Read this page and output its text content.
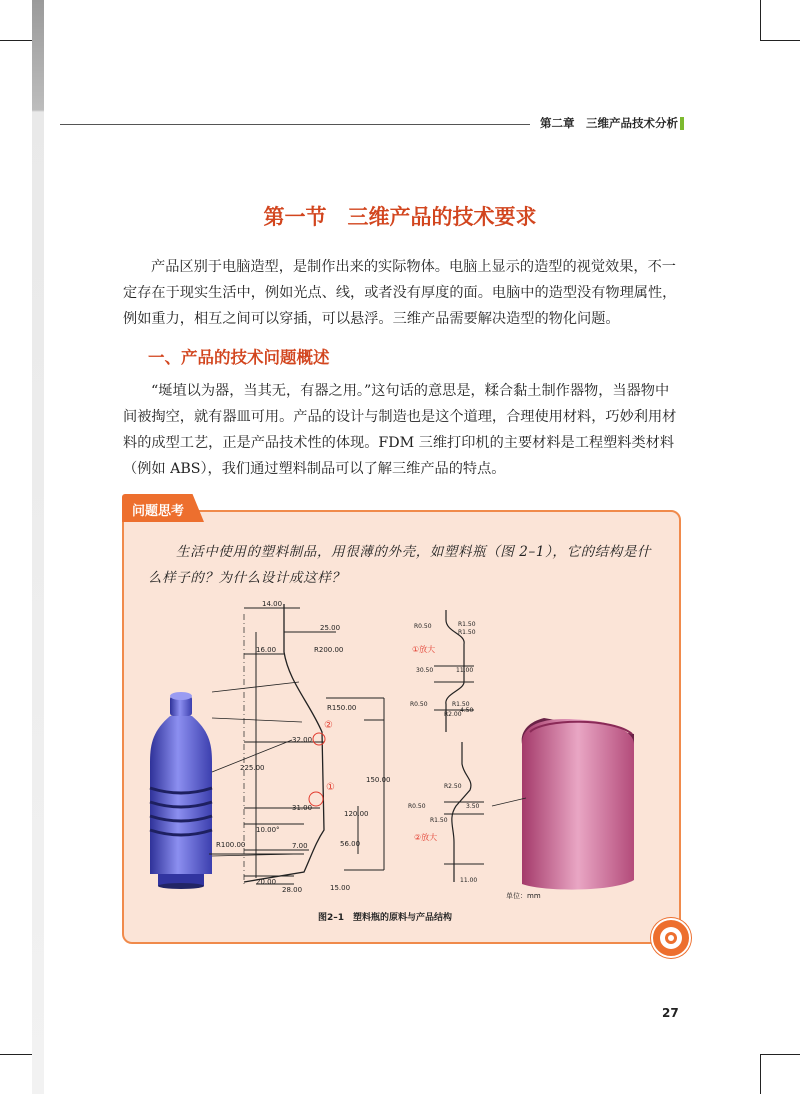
第二章　三维产品技术分析
第一节　三维产品的技术要求
产品区别于电脑造型，是制作出来的实际物体。电脑上显示的造型的视觉效果，不一
定存在于现实生活中，例如光点、线，或者没有厚度的面。电脑中的造型没有物理属性，
例如重力，相互之间可以穿插，可以悬浮。三维产品需要解决造型的物化问题。
一、产品的技术问题概述
“埏埴以为器，当其无，有器之用。”这句话的意思是，糅合黏土制作器物，当器物中
间被掏空，就有器皿可用。产品的设计与制造也是这个道理，合理使用材料，巧妙利用材
料的成型工艺，正是产品技术性的体现。FDM 三维打印机的主要材料是工程塑料类材料
（例如 ABS），我们通过塑料制品可以了解三维产品的特点。
问题思考
生活中使用的塑料制品，用很薄的外壳，如塑料瓶（图 2–1），它的结构是什
么样子的？为什么设计成这样？
14.00
25.00
16.00	R200.00
R150.00
32.00
225.00
150.00
31.00
120.00
10.00°
R100.00	7.00	56.00
20.00
28.00	15.00
②
①
R0.50	R1.50
R1.50
30.50	11.00
R0.50	R1.50
R2.00
4.50
①放大
R2.50
R0.50	3.50
R1.50
11.00
②放大
单位：mm
图2–1　塑料瓶的原料与产品结构
27
